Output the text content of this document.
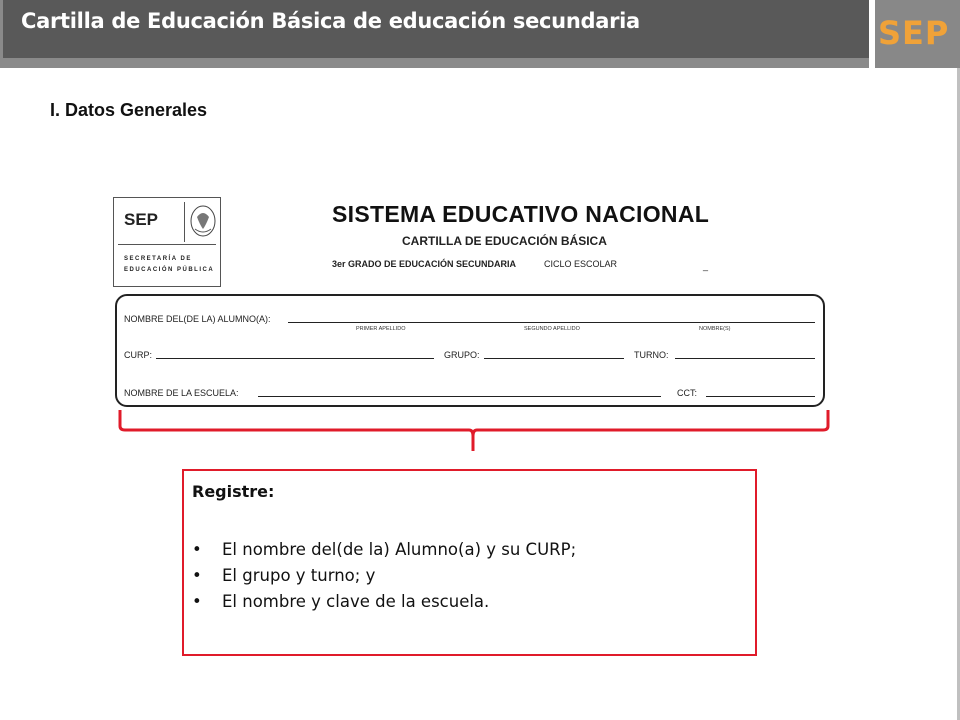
Cartilla de Educación Básica de educación secundaria	SEP
I. Datos Generales
SEP
SECRETARÍA DE
EDUCACIÓN PÚBLICA
SISTEMA EDUCATIVO NACIONAL
CARTILLA DE EDUCACIÓN BÁSICA
3er GRADO DE EDUCACIÓN SECUNDARIA	CICLO ESCOLAR	_
NOMBRE DEL(DE LA) ALUMNO(A):
PRIMER APELLIDO	SEGUNDO APELLIDO	NOMBRE(S)
CURP:	GRUPO:	TURNO:
NOMBRE DE LA ESCUELA:	CCT:
Registre:
• El nombre del(de la) Alumno(a) y su CURP;
• El grupo y turno; y
• El nombre y clave de la escuela.
